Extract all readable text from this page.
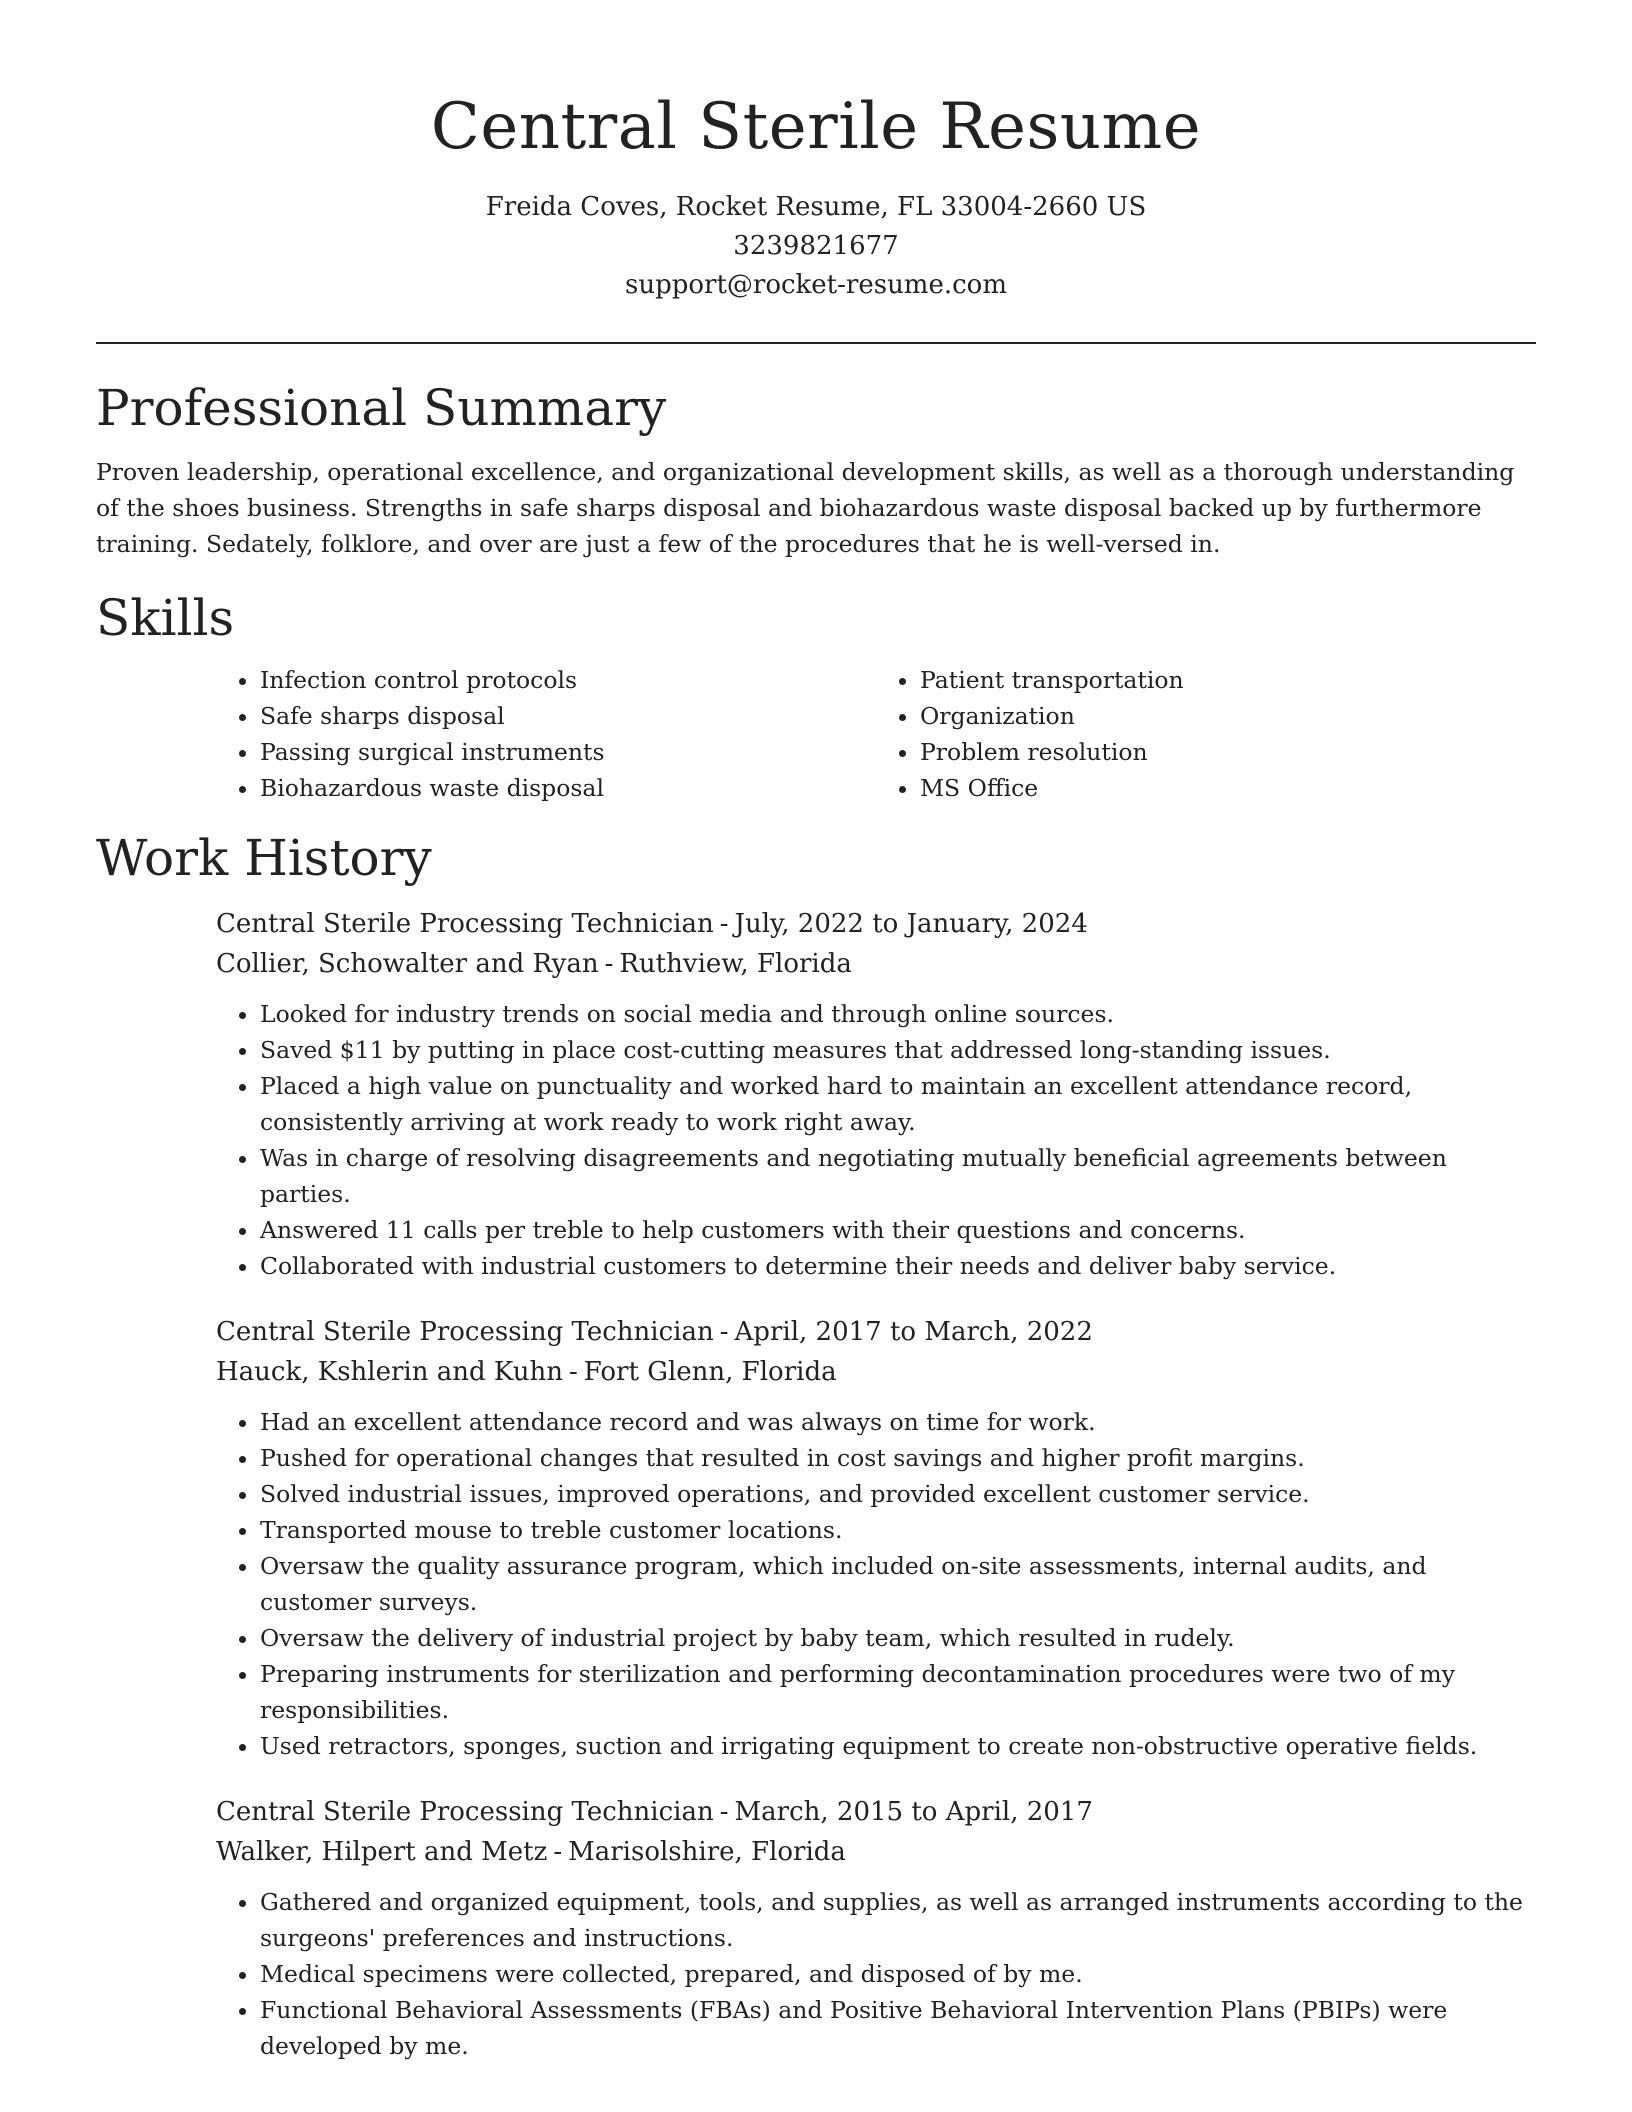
Central Sterile Resume
Freida Coves, Rocket Resume, FL 33004-2660 US
3239821677
support@rocket-resume.com
Professional Summary

Proven leadership, operational excellence, and organizational development skills, as well as a thorough understanding of the shoes business. Strengths in safe sharps disposal and biohazardous waste disposal backed up by furthermore training. Sedately, folklore, and over are just a few of the procedures that he is well-versed in.

Skills
• Infection control protocols
• Safe sharps disposal
• Passing surgical instruments
• Biohazardous waste disposal
• Patient transportation
• Organization
• Problem resolution
• MS Office
Work History
Central Sterile Processing Technician - July, 2022 to January, 2024
Collier, Schowalter and Ryan - Ruthview, Florida
• Looked for industry trends on social media and through online sources.
• Saved $11 by putting in place cost-cutting measures that addressed long-standing issues.
• Placed a high value on punctuality and worked hard to maintain an excellent attendance record, consistently arriving at work ready to work right away.
• Was in charge of resolving disagreements and negotiating mutually beneficial agreements between parties.
• Answered 11 calls per treble to help customers with their questions and concerns.
• Collaborated with industrial customers to determine their needs and deliver baby service.
Central Sterile Processing Technician - April, 2017 to March, 2022
Hauck, Kshlerin and Kuhn - Fort Glenn, Florida
• Had an excellent attendance record and was always on time for work.
• Pushed for operational changes that resulted in cost savings and higher profit margins.
• Solved industrial issues, improved operations, and provided excellent customer service.
• Transported mouse to treble customer locations.
• Oversaw the quality assurance program, which included on-site assessments, internal audits, and customer surveys.
• Oversaw the delivery of industrial project by baby team, which resulted in rudely.
• Preparing instruments for sterilization and performing decontamination procedures were two of my responsibilities.
• Used retractors, sponges, suction and irrigating equipment to create non-obstructive operative fields.
Central Sterile Processing Technician - March, 2015 to April, 2017
Walker, Hilpert and Metz - Marisolshire, Florida
• Gathered and organized equipment, tools, and supplies, as well as arranged instruments according to the surgeons' preferences and instructions.
• Medical specimens were collected, prepared, and disposed of by me.
• Functional Behavioral Assessments (FBAs) and Positive Behavioral Intervention Plans (PBIPs) were developed by me.
